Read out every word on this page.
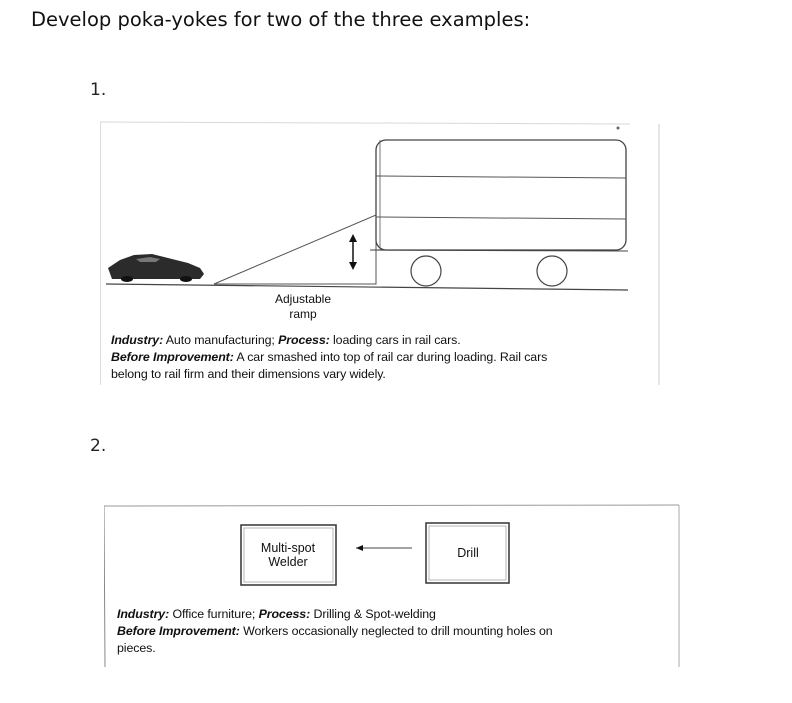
Develop poka-yokes for two of the three examples:
1.
Adjustable
ramp
Industry: Auto manufacturing; Process: loading cars in rail cars.
Before Improvement: A car smashed into top of rail car during loading. Rail cars
belong to rail firm and their dimensions vary widely.
2.
Multi-spot
Welder
Drill
Industry: Office furniture; Process: Drilling & Spot-welding
Before Improvement: Workers occasionally neglected to drill mounting holes on
pieces.
